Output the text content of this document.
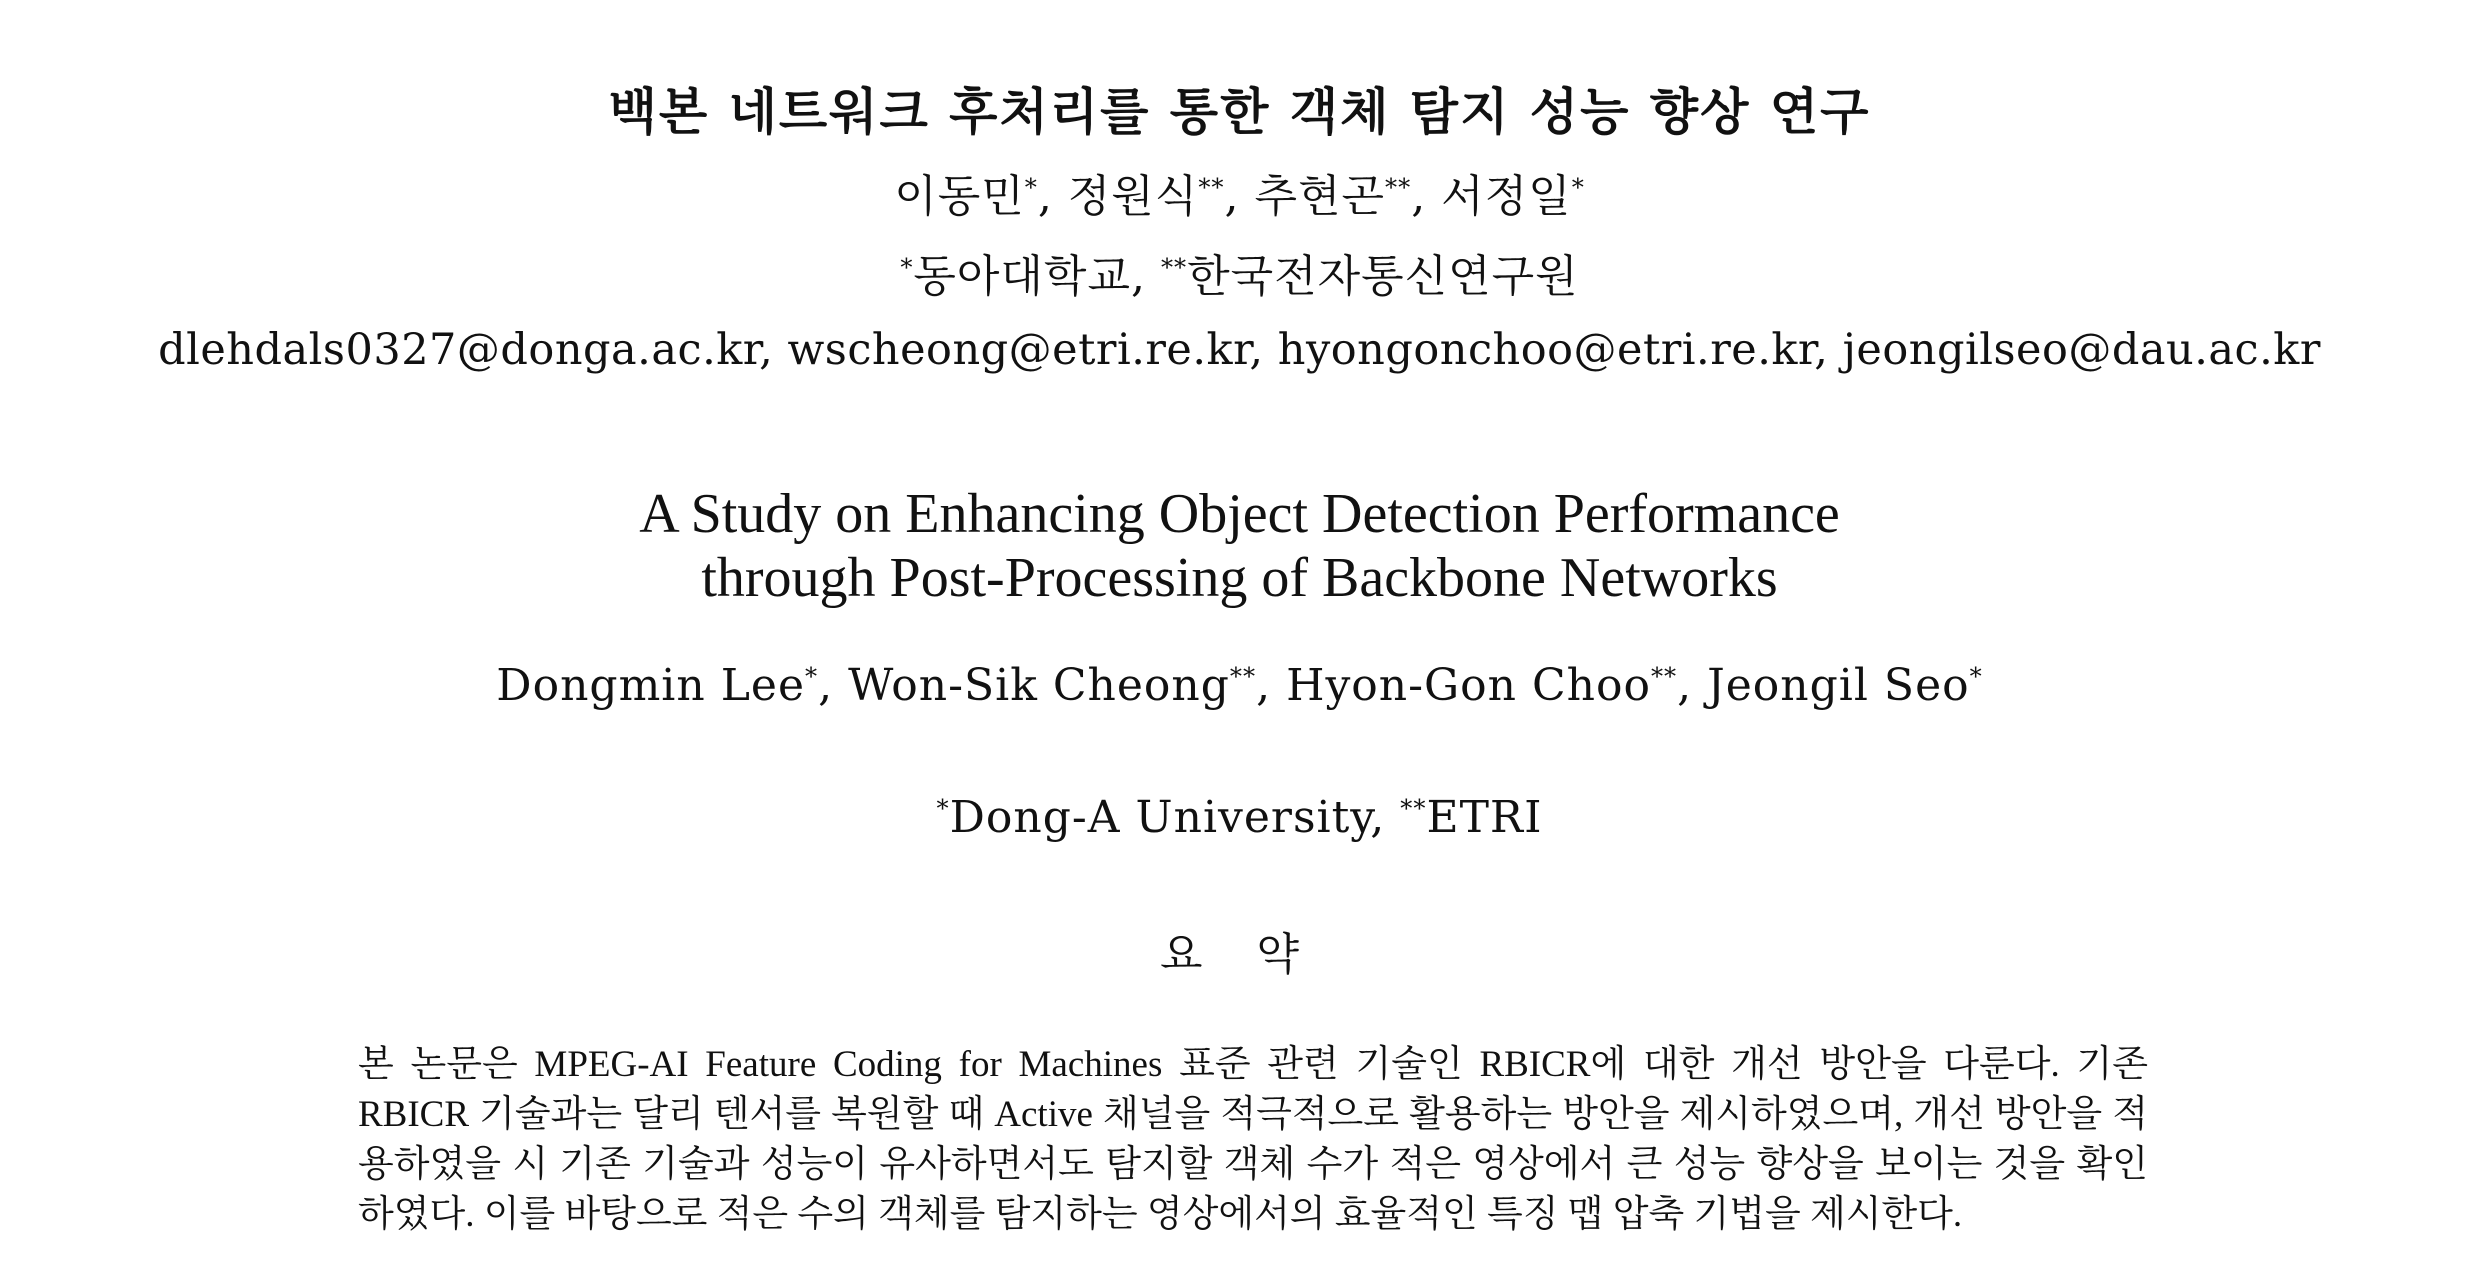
백본 네트워크 후처리를 통한 객체 탐지 성능 향상 연구
이동민*, 정원식**, 추현곤**, 서정일*
*동아대학교, **한국전자통신연구원
dlehdals0327@donga.ac.kr, wscheong@etri.re.kr, hyongonchoo@etri.re.kr, jeongilseo@dau.ac.kr
A Study on Enhancing Object Detection Performance
through Post-Processing of Backbone Networks
Dongmin Lee*, Won-Sik Cheong**, Hyon-Gon Choo**, Jeongil Seo*
*Dong-A University, **ETRI
요 약
본 논문은 MPEG-AI Feature Coding for Machines 표준 관련 기술인 RBICR에 대한 개선 방안을 다룬다. 기존 RBICR 기술과는 달리 텐서를 복원할 때 Active 채널을 적극적으로 활용하는 방안을 제시하였으며, 개선 방안을 적용하였을 시 기존 기술과 성능이 유사하면서도 탐지할 객체 수가 적은 영상에서 큰 성능 향상을 보이는 것을 확인하였다. 이를 바탕으로 적은 수의 객체를 탐지하는 영상에서의 효율적인 특징 맵 압축 기법을 제시한다.
